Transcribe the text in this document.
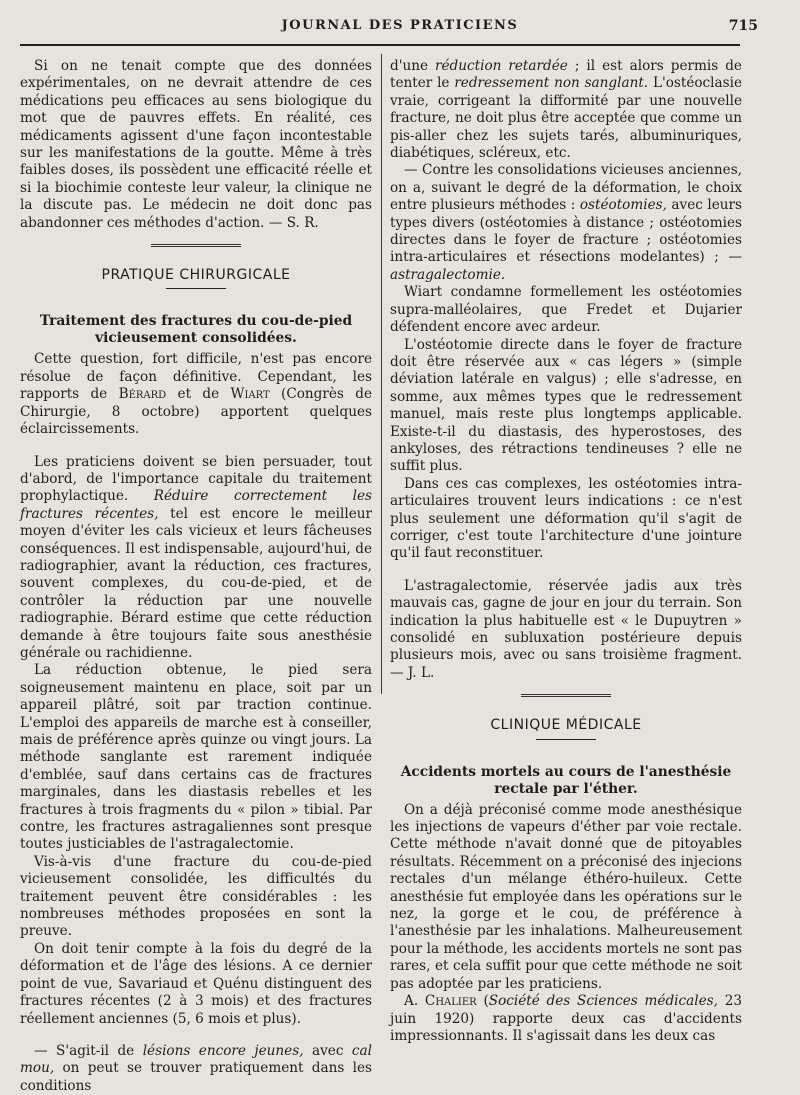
JOURNAL DES PRATICIENS	715

Si on ne tenait compte que des données expérimentales, on ne devrait attendre de ces médications peu efficaces au sens biologique du mot que de pauvres effets. En réalité, ces médicaments agissent d'une façon incontestable sur les manifestations de la goutte. Même à très faibles doses, ils possèdent une efficacité réelle et si la biochimie conteste leur valeur, la clinique ne la discute pas. Le médecin ne doit donc pas abandonner ces méthodes d'action. — S. R.

PRATIQUE CHIRURGICALE
Traitement des fractures du cou-de-pied vicieusement consolidées.

Cette question, fort difficile, n'est pas encore résolue de façon définitive. Cependant, les rapports de Bérard et de Wiart (Congrès de Chirurgie, 8 octobre) apportent quelques éclaircissements.

Les praticiens doivent se bien persuader, tout d'abord, de l'importance capitale du traitement prophylactique. Réduire correctement les fractures récentes, tel est encore le meilleur moyen d'éviter les cals vicieux et leurs fâcheuses conséquences. Il est indispensable, aujourd'hui, de radiographier, avant la réduction, ces fractures, souvent complexes, du cou-de-pied, et de contrôler la réduction par une nouvelle radiographie. Bérard estime que cette réduction demande à être toujours faite sous anesthésie générale ou rachidienne.

La réduction obtenue, le pied sera soigneusement maintenu en place, soit par un appareil plâtré, soit par traction continue. L'emploi des appareils de marche est à conseiller, mais de préférence après quinze ou vingt jours. La méthode sanglante est rarement indiquée d'emblée, sauf dans certains cas de fractures marginales, dans les diastasis rebelles et les fractures à trois fragments du « pilon » tibial. Par contre, les fractures astragaliennes sont presque toutes justiciables de l'astragalectomie.

Vis-à-vis d'une fracture du cou-de-pied vicieusement consolidée, les difficultés du traitement peuvent être considérables : les nombreuses méthodes proposées en sont la preuve.

On doit tenir compte à la fois du degré de la déformation et de l'âge des lésions. A ce dernier point de vue, Savariaud et Quénu distinguent des fractures récentes (2 à 3 mois) et des fractures réellement anciennes (5, 6 mois et plus).

— S'agit-il de lésions encore jeunes, avec cal mou, on peut se trouver pratiquement dans les conditions

d'une réduction retardée ; il est alors permis de tenter le redressement non sanglant. L'ostéoclasie vraie, corrigeant la difformité par une nouvelle fracture, ne doit plus être acceptée que comme un pis-aller chez les sujets tarés, albuminuriques, diabétiques, scléreux, etc.

— Contre les consolidations vicieuses anciennes, on a, suivant le degré de la déformation, le choix entre plusieurs méthodes : ostéotomies, avec leurs types divers (ostéotomies à distance ; ostéotomies directes dans le foyer de fracture ; ostéotomies intra-articulaires et résections modelantes) ; — astragalectomie.

Wiart condamne formellement les ostéotomies supra-malléolaires, que Fredet et Dujarier défendent encore avec ardeur.

L'ostéotomie directe dans le foyer de fracture doit être réservée aux « cas légers » (simple déviation latérale en valgus) ; elle s'adresse, en somme, aux mêmes types que le redressement manuel, mais reste plus longtemps applicable. Existe-t-il du diastasis, des hyperostoses, des ankyloses, des rétractions tendineuses ? elle ne suffit plus.

Dans ces cas complexes, les ostéotomies intra-articulaires trouvent leurs indications : ce n'est plus seulement une déformation qu'il s'agit de corriger, c'est toute l'architecture d'une jointure qu'il faut reconstituer.

L'astragalectomie, réservée jadis aux très mauvais cas, gagne de jour en jour du terrain. Son indication la plus habituelle est « le Dupuytren » consolidé en subluxation postérieure depuis plusieurs mois, avec ou sans troisième fragment. — J. L.

CLINIQUE MÉDICALE
Accidents mortels au cours de l'anesthésie rectale par l'éther.

On a déjà préconisé comme mode anesthésique les injections de vapeurs d'éther par voie rectale. Cette méthode n'avait donné que de pitoyables résultats. Récemment on a préconisé des injecions rectales d'un mélange éthéro-huileux. Cette anesthésie fut employée dans les opérations sur le nez, la gorge et le cou, de préférence à l'anesthésie par les inhalations. Malheureusement pour la méthode, les accidents mortels ne sont pas rares, et cela suffit pour que cette méthode ne soit pas adoptée par les praticiens.

A. Chalier (Société des Sciences médicales, 23 juin 1920) rapporte deux cas d'accidents impressionnants. Il s'agissait dans les deux cas
